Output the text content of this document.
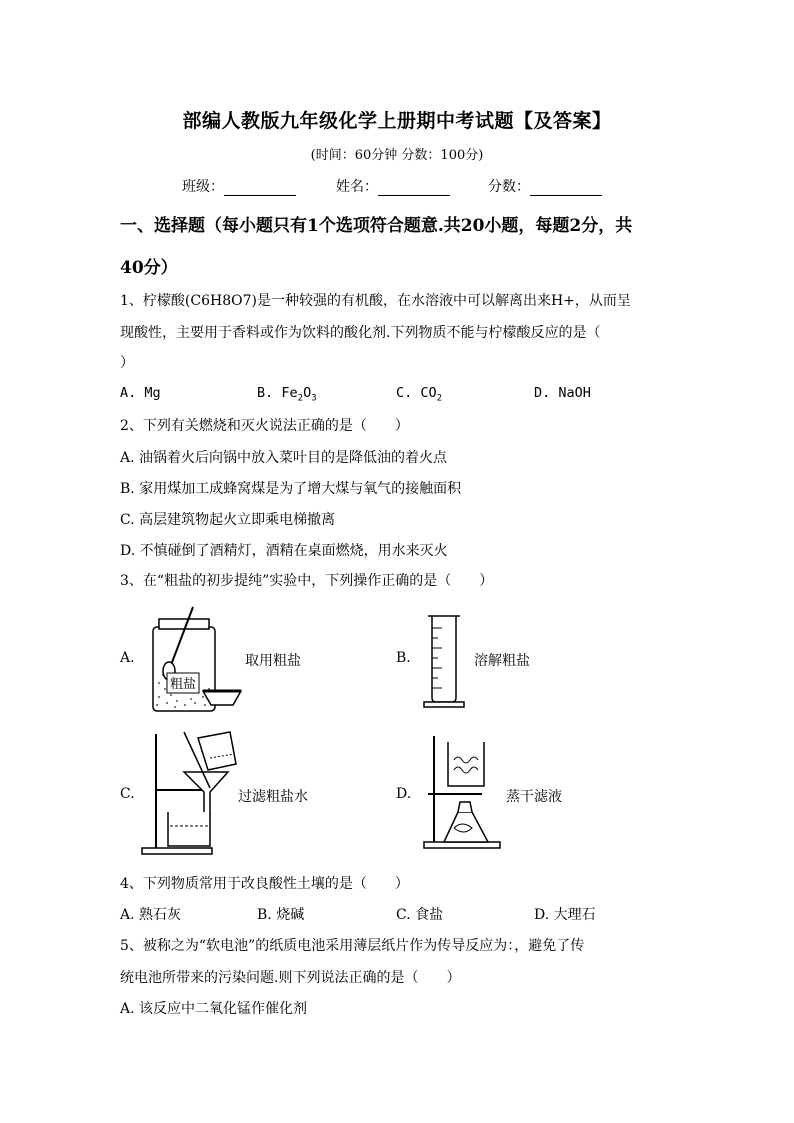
部编人教版九年级化学上册期中考试题【及答案】
(时间：60分钟 分数：100分)
班级：	姓名：	分数：
一、选择题（每小题只有1个选项符合题意.共20小题，每题2分，共
40分）
1、柠檬酸(C6H8O7)是一种较强的有机酸，在水溶液中可以解离出来H+，从而呈
现酸性，主要用于香料或作为饮料的酸化剂.下列物质不能与柠檬酸反应的是（
）
A. Mg	B. $Fe_2O_3$	C. $CO_2$	D. NaOH
2、下列有关燃烧和灭火说法正确的是（　　）
A. 油锅着火后向锅中放入菜叶目的是降低油的着火点
B. 家用煤加工成蜂窝煤是为了增大煤与氧气的接触面积
C. 高层建筑物起火立即乘电梯撤离
D. 不慎碰倒了酒精灯，酒精在桌面燃烧，用水来灭火
3、在“粗盐的初步提纯”实验中，下列操作正确的是（　　）
A.
粗盐
取用粗盐	B.	溶解粗盐
C.	过滤粗盐水	D.	蒸干滤液
4、下列物质常用于改良酸性土壤的是（　　）
A. 熟石灰	B. 烧碱	C. 食盐	D. 大理石
5、被称之为“软电池”的纸质电池采用薄层纸片作为传导反应为：，避免了传
统电池所带来的污染问题.则下列说法正确的是（　　）
A. 该反应中二氧化锰作催化剂
